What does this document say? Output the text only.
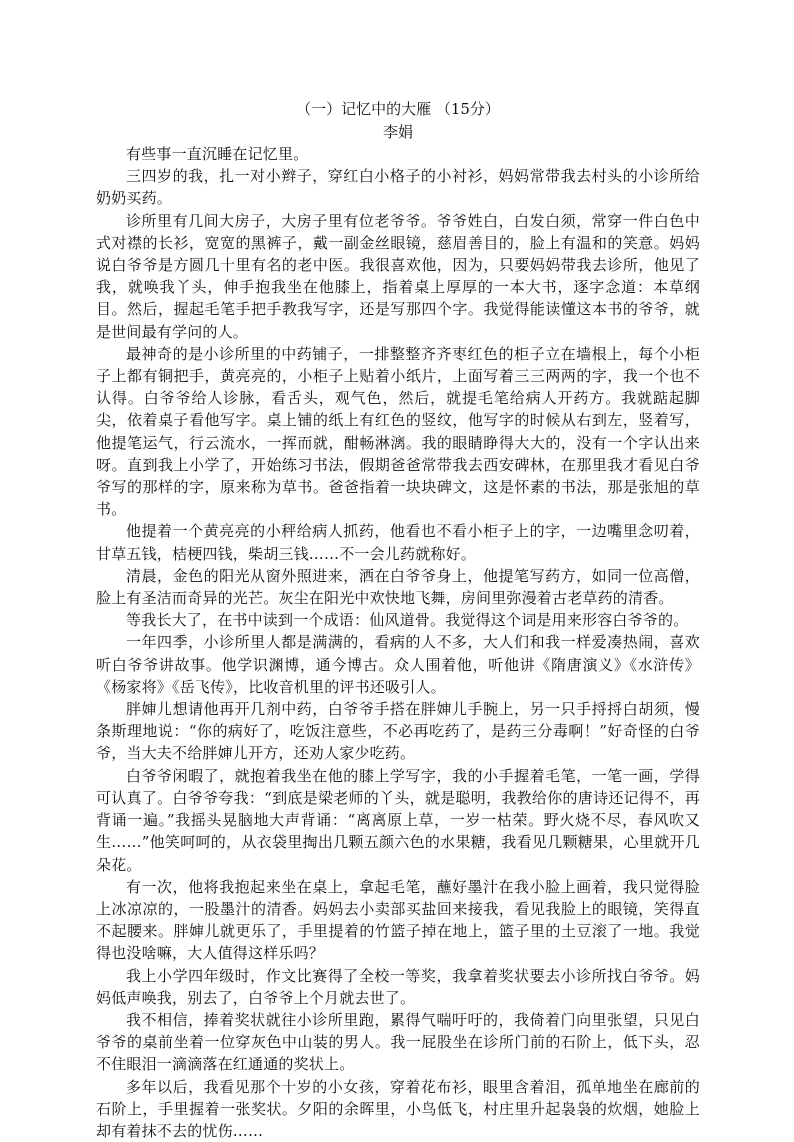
（一）记忆中的大雁 （15分）
李娟

有些事一直沉睡在记忆里。

三四岁的我，扎一对小辫子，穿红白小格子的小衬衫，妈妈常带我去村头的小诊所给奶奶买药。

诊所里有几间大房子，大房子里有位老爷爷。爷爷姓白，白发白须，常穿一件白色中式对襟的长衫，宽宽的黑裤子，戴一副金丝眼镜，慈眉善目的，脸上有温和的笑意。妈妈说白爷爷是方圆几十里有名的老中医。我很喜欢他，因为，只要妈妈带我去诊所，他见了我，就唤我丫头，伸手抱我坐在他膝上，指着桌上厚厚的一本大书，逐字念道：本草纲目。然后，握起毛笔手把手教我写字，还是写那四个字。我觉得能读懂这本书的爷爷，就是世间最有学问的人。

最神奇的是小诊所里的中药铺子，一排整整齐齐枣红色的柜子立在墙根上，每个小柜子上都有铜把手，黄亮亮的，小柜子上贴着小纸片，上面写着三三两两的字，我一个也不认得。白爷爷给人诊脉，看舌头，观气色，然后，就提毛笔给病人开药方。我就踮起脚尖，依着桌子看他写字。桌上铺的纸上有红色的竖纹，他写字的时候从右到左，竖着写，他提笔运气，行云流水，一挥而就，酣畅淋漓。我的眼睛睁得大大的，没有一个字认出来呀。直到我上小学了，开始练习书法，假期爸爸常带我去西安碑林，在那里我才看见白爷爷写的那样的字，原来称为草书。爸爸指着一块块碑文，这是怀素的书法，那是张旭的草书。

他提着一个黄亮亮的小秤给病人抓药，他看也不看小柜子上的字，一边嘴里念叨着，甘草五钱，桔梗四钱，柴胡三钱……不一会儿药就称好。

清晨，金色的阳光从窗外照进来，洒在白爷爷身上，他提笔写药方，如同一位高僧，脸上有圣洁而奇异的光芒。灰尘在阳光中欢快地飞舞，房间里弥漫着古老草药的清香。

等我长大了，在书中读到一个成语：仙风道骨。我觉得这个词是用来形容白爷爷的。

一年四季，小诊所里人都是满满的，看病的人不多，大人们和我一样爱凑热闹，喜欢听白爷爷讲故事。他学识渊博，通今博古。众人围着他，听他讲《隋唐演义》《水浒传》《杨家将》《岳飞传》，比收音机里的评书还吸引人。

胖婶儿想请他再开几剂中药，白爷爷手搭在胖婶儿手腕上，另一只手捋捋白胡须，慢条斯理地说：“你的病好了，吃饭注意些，不必再吃药了，是药三分毒啊！”好奇怪的白爷爷，当大夫不给胖婶儿开方，还劝人家少吃药。

白爷爷闲暇了，就抱着我坐在他的膝上学写字，我的小手握着毛笔，一笔一画，学得可认真了。白爷爷夸我：“到底是梁老师的丫头，就是聪明，我教给你的唐诗还记得不，再背诵一遍。”我摇头晃脑地大声背诵：“离离原上草，一岁一枯荣。野火烧不尽，春风吹又生……”他笑呵呵的，从衣袋里掏出几颗五颜六色的水果糖，我看见几颗糖果，心里就开几朵花。

有一次，他将我抱起来坐在桌上，拿起毛笔，蘸好墨汁在我小脸上画着，我只觉得脸上冰凉凉的，一股墨汁的清香。妈妈去小卖部买盐回来接我，看见我脸上的眼镜，笑得直不起腰来。胖婶儿就更乐了，手里提着的竹篮子掉在地上，篮子里的土豆滚了一地。我觉得也没啥嘛，大人值得这样乐吗？

我上小学四年级时，作文比赛得了全校一等奖，我拿着奖状要去小诊所找白爷爷。妈妈低声唤我，别去了，白爷爷上个月就去世了。

我不相信，捧着奖状就往小诊所里跑，累得气喘吁吁的，我倚着门向里张望，只见白爷爷的桌前坐着一位穿灰色中山装的男人。我一屁股坐在诊所门前的石阶上，低下头，忍不住眼泪一滴滴落在红通通的奖状上。

多年以后，我看见那个十岁的小女孩，穿着花布衫，眼里含着泪，孤单地坐在廊前的石阶上，手里握着一张奖状。夕阳的余晖里，小鸟低飞，村庄里升起袅袅的炊烟，她脸上却有着抹不去的忧伤……
